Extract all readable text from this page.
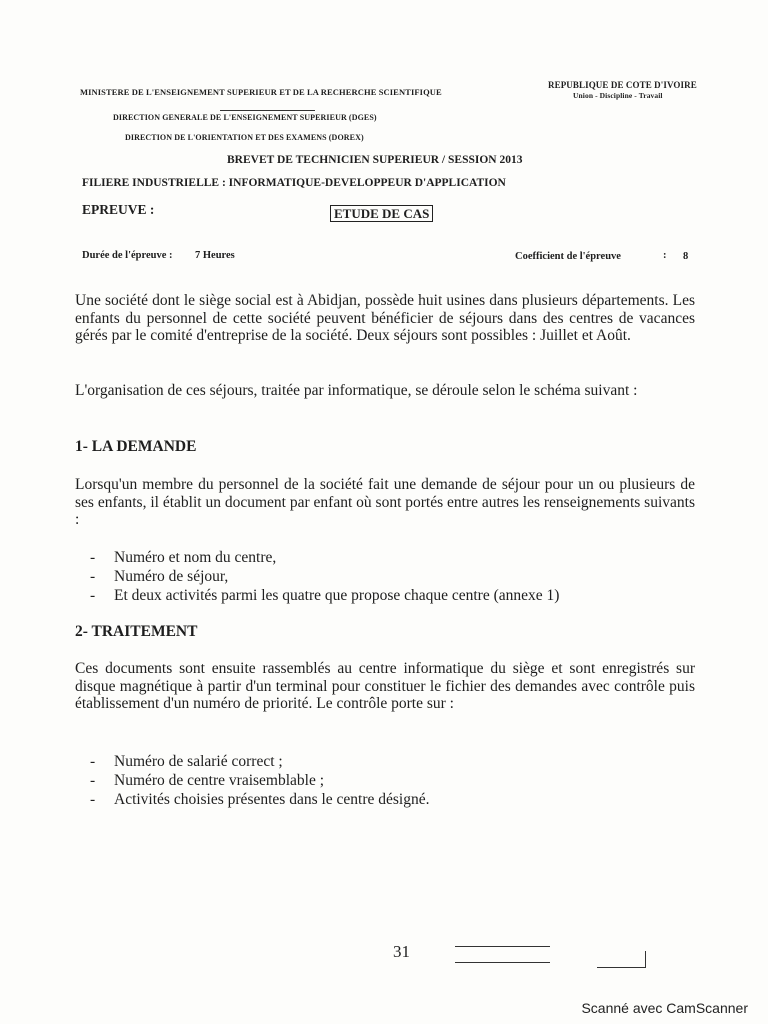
MINISTERE DE L'ENSEIGNEMENT SUPERIEUR ET DE LA RECHERCHE SCIENTIFIQUE
REPUBLIQUE DE COTE D'IVOIRE
Union - Discipline - Travail
DIRECTION GENERALE DE L'ENSEIGNEMENT SUPERIEUR (DGES)
DIRECTION DE L'ORIENTATION ET DES EXAMENS (DOREX)
BREVET DE TECHNICIEN SUPERIEUR / SESSION 2013
FILIERE INDUSTRIELLE : INFORMATIQUE-DEVELOPPEUR D'APPLICATION
EPREUVE :	ETUDE DE CAS
Durée de l'épreuve : 7 Heures	Coefficient de l'épreuve	: 8
Une société dont le siège social est à Abidjan, possède huit usines dans plusieurs départements. Les enfants du personnel de cette société peuvent bénéficier de séjours dans des centres de vacances gérés par le comité d'entreprise de la société. Deux séjours sont possibles : Juillet et Août.
L'organisation de ces séjours, traitée par informatique, se déroule selon le schéma suivant :
1- LA DEMANDE
Lorsqu'un membre du personnel de la société fait une demande de séjour pour un ou plusieurs de ses enfants, il établit un document par enfant où sont portés entre autres les renseignements suivants :
- Numéro et nom du centre,
- Numéro de séjour,
- Et deux activités parmi les quatre que propose chaque centre (annexe 1)
2- TRAITEMENT
Ces documents sont ensuite rassemblés au centre informatique du siège et sont enregistrés sur disque magnétique à partir d'un terminal pour constituer le fichier des demandes avec contrôle puis établissement d'un numéro de priorité. Le contrôle porte sur :
- Numéro de salarié correct ;
- Numéro de centre vraisemblable ;
- Activités choisies présentes dans le centre désigné.
31
Scanné avec CamScanner
